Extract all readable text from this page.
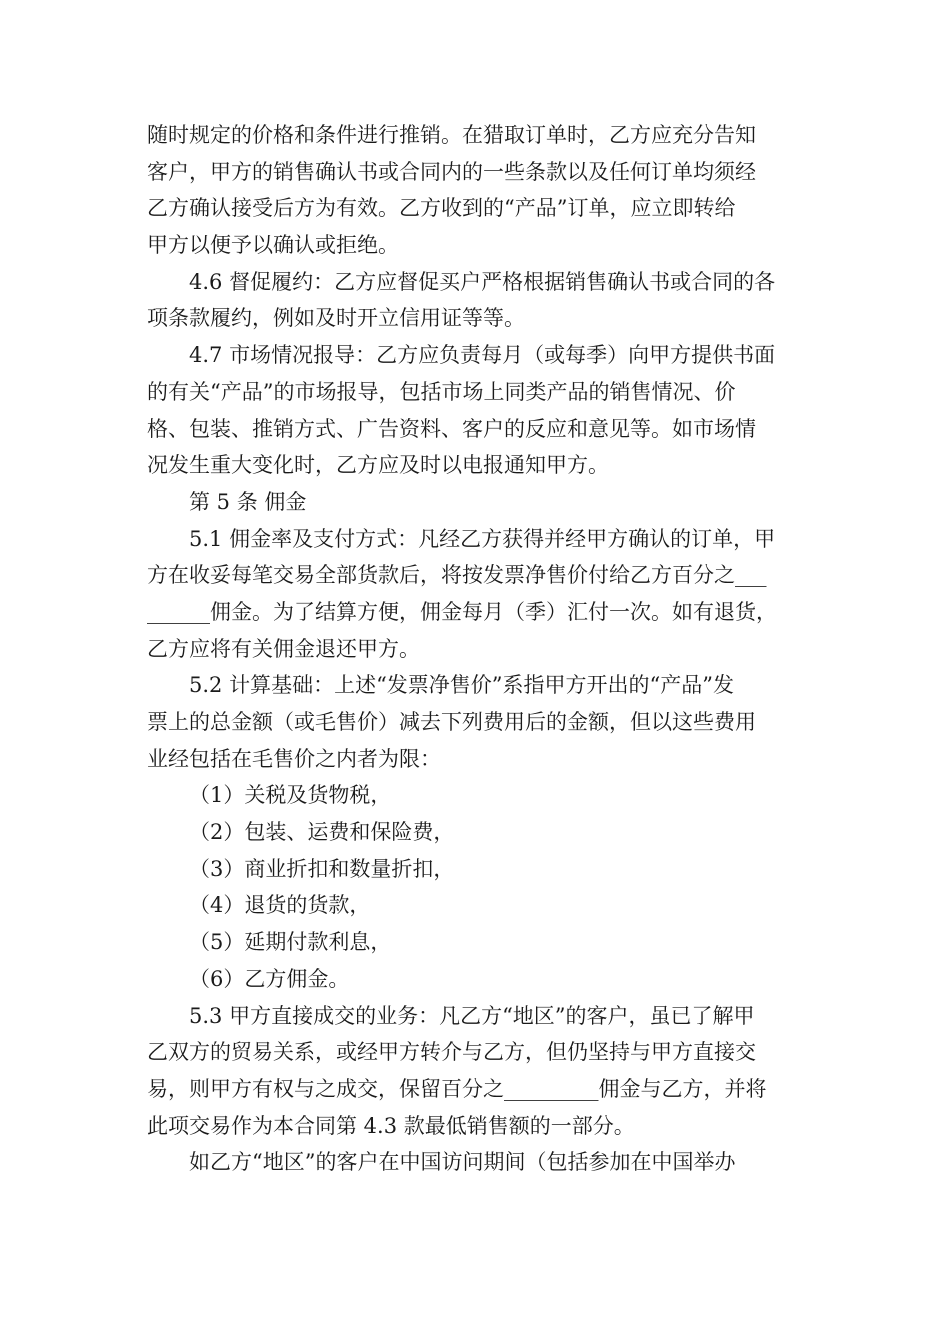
随时规定的价格和条件进行推销。在猎取订单时，乙方应充分告知
客户，甲方的销售确认书或合同内的一些条款以及任何订单均须经
乙方确认接受后方为有效。乙方收到的“产品”订单，应立即转给
甲方以便予以确认或拒绝。
4.6 督促履约：乙方应督促买户严格根据销售确认书或合同的各
项条款履约，例如及时开立信用证等等。
4.7 市场情况报导：乙方应负责每月（或每季）向甲方提供书面
的有关“产品”的市场报导，包括市场上同类产品的销售情况、价
格、包装、推销方式、广告资料、客户的反应和意见等。如市场情
况发生重大变化时，乙方应及时以电报通知甲方。
第 5 条 佣金
5.1 佣金率及支付方式：凡经乙方获得并经甲方确认的订单，甲
方在收妥每笔交易全部货款后，将按发票净售价付给乙方百分之___
______佣金。为了结算方便，佣金每月（季）汇付一次。如有退货，
乙方应将有关佣金退还甲方。
5.2 计算基础：上述“发票净售价”系指甲方开出的“产品”发
票上的总金额（或毛售价）减去下列费用后的金额，但以这些费用
业经包括在毛售价之内者为限：
（1）关税及货物税，
（2）包装、运费和保险费，
（3）商业折扣和数量折扣，
（4）退货的货款，
（5）延期付款利息，
（6）乙方佣金。
5.3 甲方直接成交的业务：凡乙方“地区”的客户，虽已了解甲
乙双方的贸易关系，或经甲方转介与乙方，但仍坚持与甲方直接交
易，则甲方有权与之成交，保留百分之_________佣金与乙方，并将
此项交易作为本合同第 4.3 款最低销售额的一部分。
如乙方“地区”的客户在中国访问期间（包括参加在中国举办
